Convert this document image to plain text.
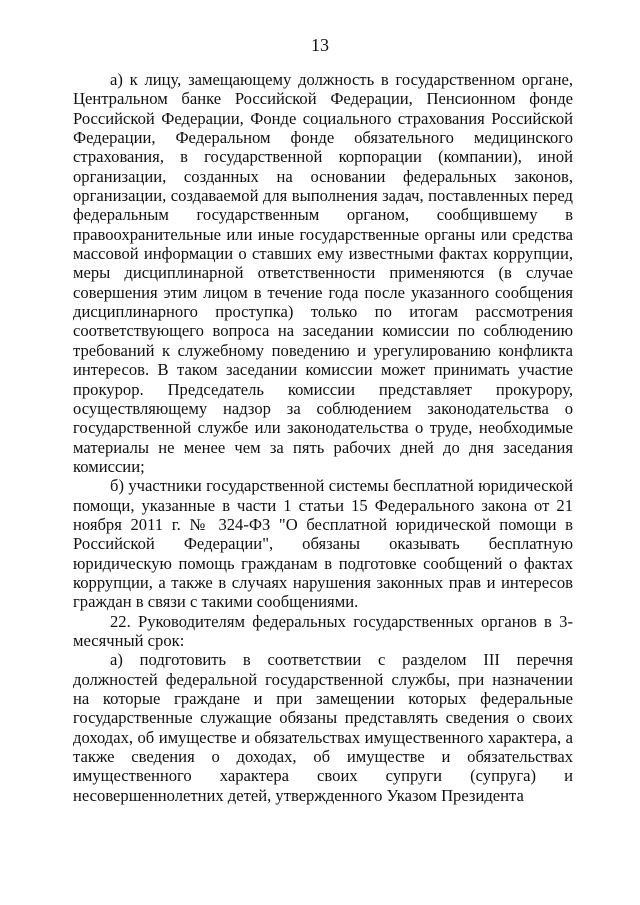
13

а) к лицу, замещающему должность в государственном органе, Центральном банке Российской Федерации, Пенсионном фонде Российской Федерации, Фонде социального страхования Российской Федерации, Федеральном фонде обязательного медицинского страхования, в государственной корпорации (компании), иной организации, созданных на основании федеральных законов, организации, создаваемой для выполнения задач, поставленных перед федеральным государственным органом, сообщившему в правоохранительные или иные государственные органы или средства массовой информации о ставших ему известными фактах коррупции, меры дисциплинарной ответственности применяются (в случае совершения этим лицом в течение года после указанного сообщения дисциплинарного проступка) только по итогам рассмотрения соответствующего вопроса на заседании комиссии по соблюдению требований к служебному поведению и урегулированию конфликта интересов. В таком заседании комиссии может принимать участие прокурор. Председатель комиссии представляет прокурору, осуществляющему надзор за соблюдением законодательства о государственной службе или законодательства о труде, необходимые материалы не менее чем за пять рабочих дней до дня заседания комиссии;

б) участники государственной системы бесплатной юридической помощи, указанные в части 1 статьи 15 Федерального закона от 21 ноября 2011 г. № 324-ФЗ "О бесплатной юридической помощи в Российской Федерации", обязаны оказывать бесплатную юридическую помощь гражданам в подготовке сообщений о фактах коррупции, а также в случаях нарушения законных прав и интересов граждан в связи с такими сообщениями.

22. Руководителям федеральных государственных органов в 3-месячный срок:

а) подготовить в соответствии с разделом III перечня должностей федеральной государственной службы, при назначении на которые граждане и при замещении которых федеральные государственные служащие обязаны представлять сведения о своих доходах, об имуществе и обязательствах имущественного характера, а также сведения о доходах, об имуществе и обязательствах имущественного характера своих супруги (супруга) и несовершеннолетних детей, утвержденного Указом Президента
